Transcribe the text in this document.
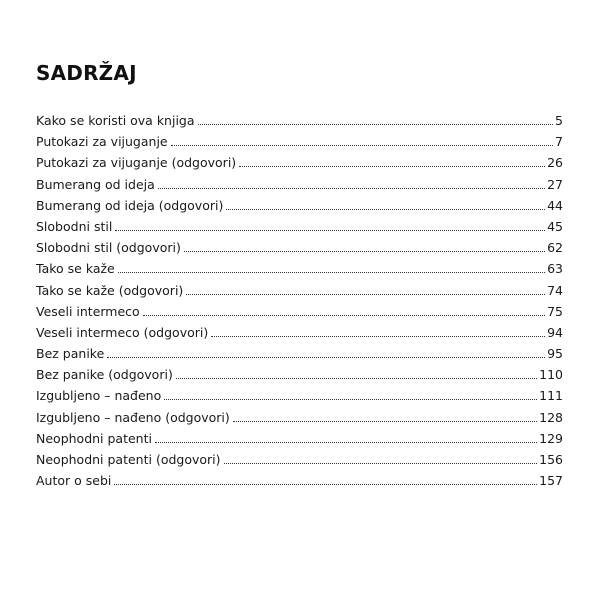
SADRŽAJ
Kako se koristi ova knjiga	5
Putokazi za vijuganje	7
Putokazi za vijuganje (odgovori)	26
Bumerang od ideja	27
Bumerang od ideja (odgovori)	44
Slobodni stil	45
Slobodni stil (odgovori)	62
Tako se kaže	63
Tako se kaže (odgovori)	74
Veseli intermeco	75
Veseli intermeco (odgovori)	94
Bez panike	95
Bez panike (odgovori)	110
Izgubljeno – nađeno	111
Izgubljeno – nađeno (odgovori)	128
Neophodni patenti	129
Neophodni patenti (odgovori)	156
Autor o sebi	157
